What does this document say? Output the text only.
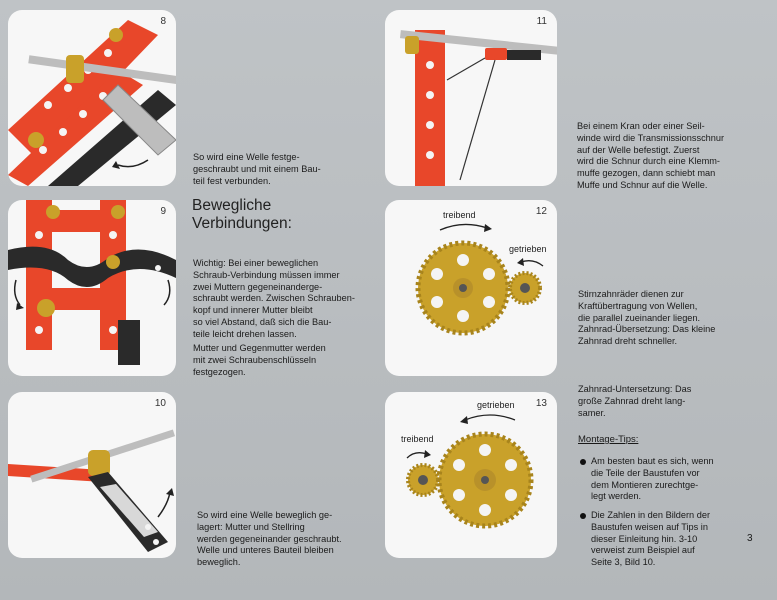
8
9
10
11
treibend
getrieben
12
getrieben
treibend
13
So wird eine Welle festge-
geschraubt und mit einem Bau-
teil fest verbunden.
Bewegliche
Verbindungen:
Wichtig: Bei einer beweglichen
Schraub-Verbindung müssen immer
zwei Muttern gegeneinanderge-
schraubt werden. Zwischen Schrauben-
kopf und innerer Mutter bleibt
so viel Abstand, daß sich die Bau-
teile leicht drehen lassen.
Mutter und Gegenmutter werden
mit zwei Schraubenschlüsseln
festgezogen.
So wird eine Welle beweglich ge-
lagert: Mutter und Stellring
werden gegeneinander geschraubt.
Welle und unteres Bauteil bleiben
beweglich.
Bei einem Kran oder einer Seil-
winde wird die Transmissionsschnur
auf der Welle befestigt. Zuerst
wird die Schnur durch eine Klemm-
muffe gezogen, dann schiebt man
Muffe und Schnur auf die Welle.
Stirnzahnräder dienen zur
Kraftübertragung von Wellen,
die parallel zueinander liegen.
Zahnrad-Übersetzung: Das kleine
Zahnrad dreht schneller.
Zahnrad-Untersetzung: Das
große Zahnrad dreht lang-
samer.
Montage-Tips:
Am besten baut es sich, wenn
die Teile der Baustufen vor
dem Montieren zurechtge-
legt werden.
Die Zahlen in den Bildern der
Baustufen weisen auf Tips in
dieser Einleitung hin. 3-10
verweist zum Beispiel auf
Seite 3, Bild 10.
3
